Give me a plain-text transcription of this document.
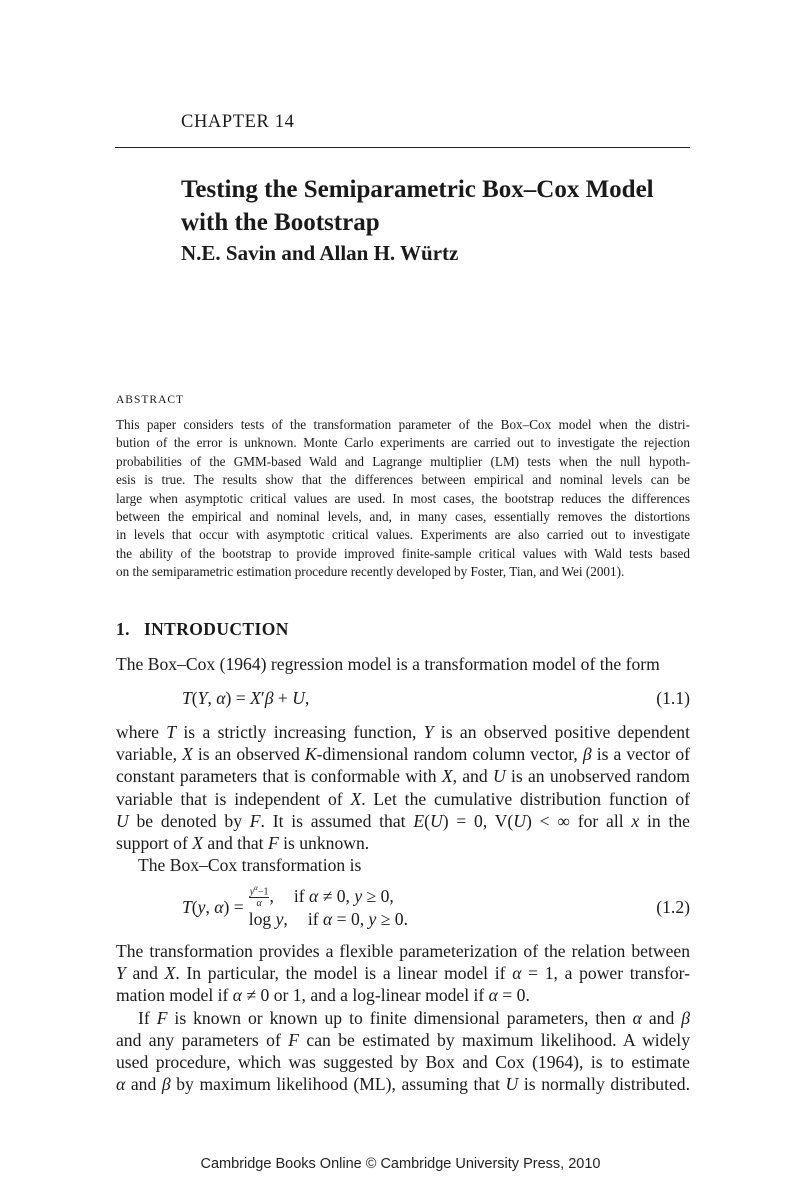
CHAPTER 14
Testing the Semiparametric Box–Cox Model
with the Bootstrap
N.E. Savin and Allan H. Würtz
ABSTRACT
This paper considers tests of the transformation parameter of the Box–Cox model when the distri-
bution of the error is unknown. Monte Carlo experiments are carried out to investigate the rejection
probabilities of the GMM-based Wald and Lagrange multiplier (LM) tests when the null hypoth-
esis is true. The results show that the differences between empirical and nominal levels can be
large when asymptotic critical values are used. In most cases, the bootstrap reduces the differences
between the empirical and nominal levels, and, in many cases, essentially removes the distortions
in levels that occur with asymptotic critical values. Experiments are also carried out to investigate
the ability of the bootstrap to provide improved finite-sample critical values with Wald tests based
on the semiparametric estimation procedure recently developed by Foster, Tian, and Wei (2001).
1. INTRODUCTION
The Box–Cox (1964) regression model is a transformation model of the form
T(Y, α) = X′β + U,	(1.1)
where T is a strictly increasing function, Y is an observed positive dependent
variable, X is an observed K-dimensional random column vector, β is a vector of
constant parameters that is conformable with X, and U is an unobserved random
variable that is independent of X. Let the cumulative distribution function of
U be denoted by F. It is assumed that E(U) = 0, V(U) < ∞ for all x in the
support of X and that F is unknown.
The Box–Cox transformation is
T(y, $\alpha) = \frac{y^\alpha-1}{\alpha}$ , if α ≠ 0, y ≥ 0,
log y, if α = 0, y ≥ 0.
(1.2)
The transformation provides a flexible parameterization of the relation between
Y and X. In particular, the model is a linear model if α = 1, a power transfor-
mation model if α ≠ 0 or 1, and a log-linear model if α = 0.
If F is known or known up to finite dimensional parameters, then α and β
and any parameters of F can be estimated by maximum likelihood. A widely
used procedure, which was suggested by Box and Cox (1964), is to estimate
α and β by maximum likelihood (ML), assuming that U is normally distributed.
Cambridge Books Online © Cambridge University Press, 2010
